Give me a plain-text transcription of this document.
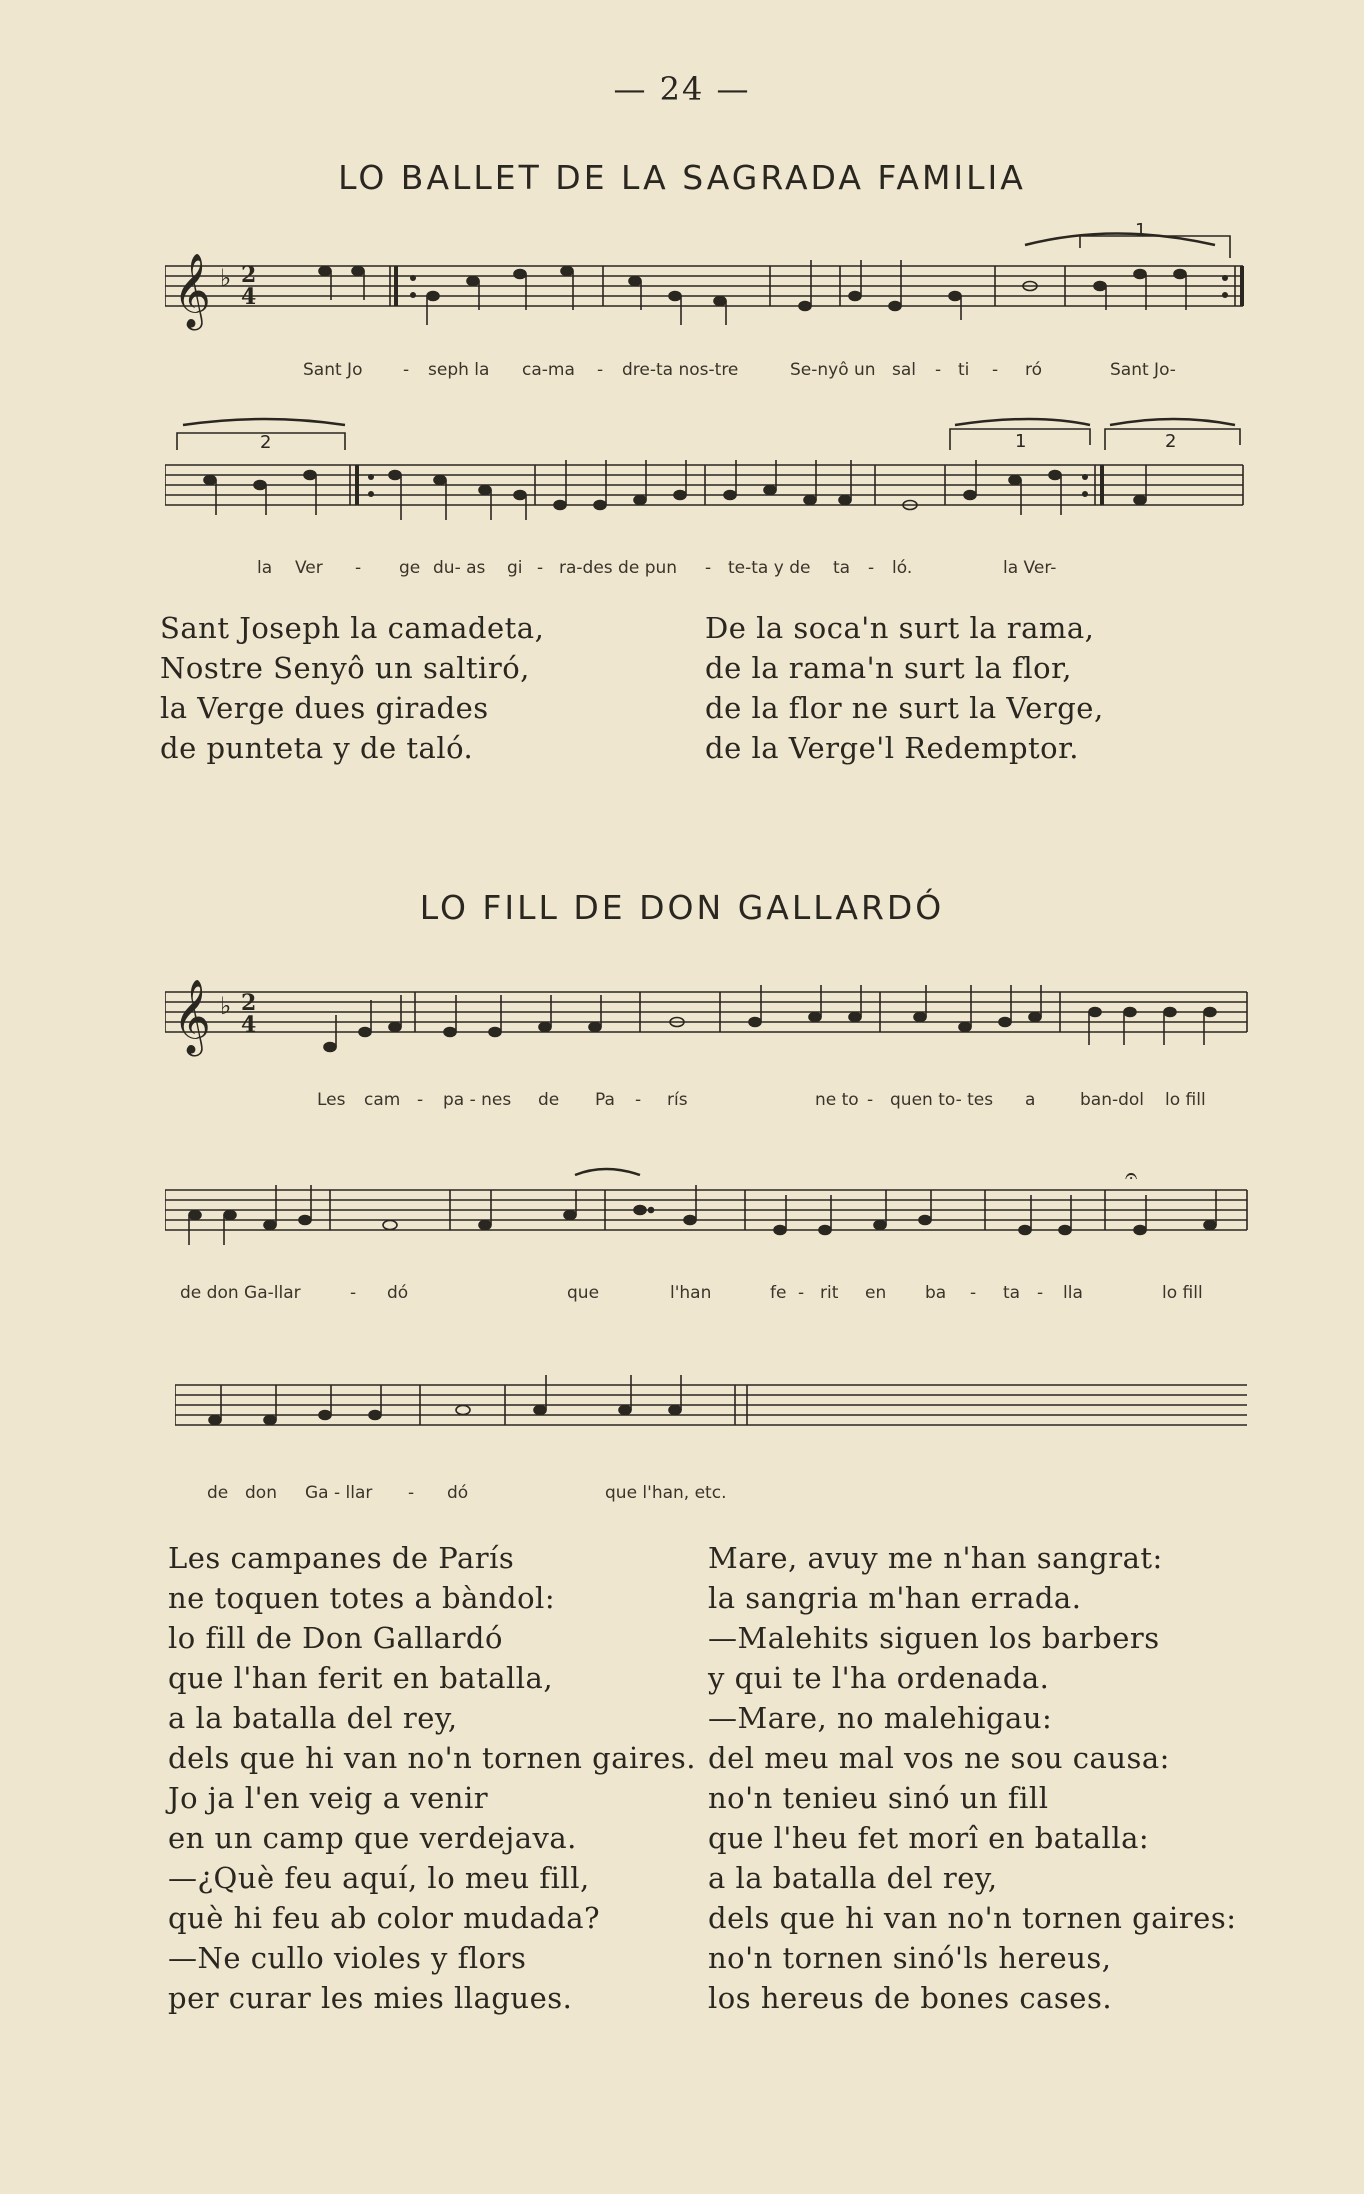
— 24 —
LO BALLET DE LA SAGRADA FAMILIA
𝄞 ♭ 2
4
1
Sant Jo - seph la ca-ma - dre-ta nos-tre	Se-nyô un sal - ti - ró	Sant Jo-
2	1	2
la Ver - ge du- as gi - ra-des de pun - te-ta y de ta - ló.	la Ver-
Sant Joseph la camadeta,
Nostre Senyô un saltiró,
la Verge dues girades
de punteta y de taló.
De la soca'n surt la rama,
de la rama'n surt la flor,
de la flor ne surt la Verge,
de la Verge'l Redemptor.
LO FILL DE DON GALLARDÓ
𝄞 ♭ 2
4
Les cam - pa - nes de Pa - rís	ne to - quen to- tes a	ban-dol lo fill
𝄐
de don Ga-llar	- dó	que	l'han	fe - rit en ba - ta - lla	lo fill
de don Ga - llar - dó	que l'han, etc.
Les campanes de París
ne toquen totes a bàndol:
lo fill de Don Gallardó
que l'han ferit en batalla,
a la batalla del rey,
dels que hi van no'n tornen gaires.
Jo ja l'en veig a venir
en un camp que verdejava.
—¿Què feu aquí, lo meu fill,
què hi feu ab color mudada?
—Ne cullo violes y flors
per curar les mies llagues.
Mare, avuy me n'han sangrat:
la sangria m'han errada.
—Malehits siguen los barbers
y qui te l'ha ordenada.
—Mare, no malehigau:
del meu mal vos ne sou causa:
no'n tenieu sinó un fill
que l'heu fet morî en batalla:
a la batalla del rey,
dels que hi van no'n tornen gaires:
no'n tornen sinó'ls hereus,
los hereus de bones cases.
